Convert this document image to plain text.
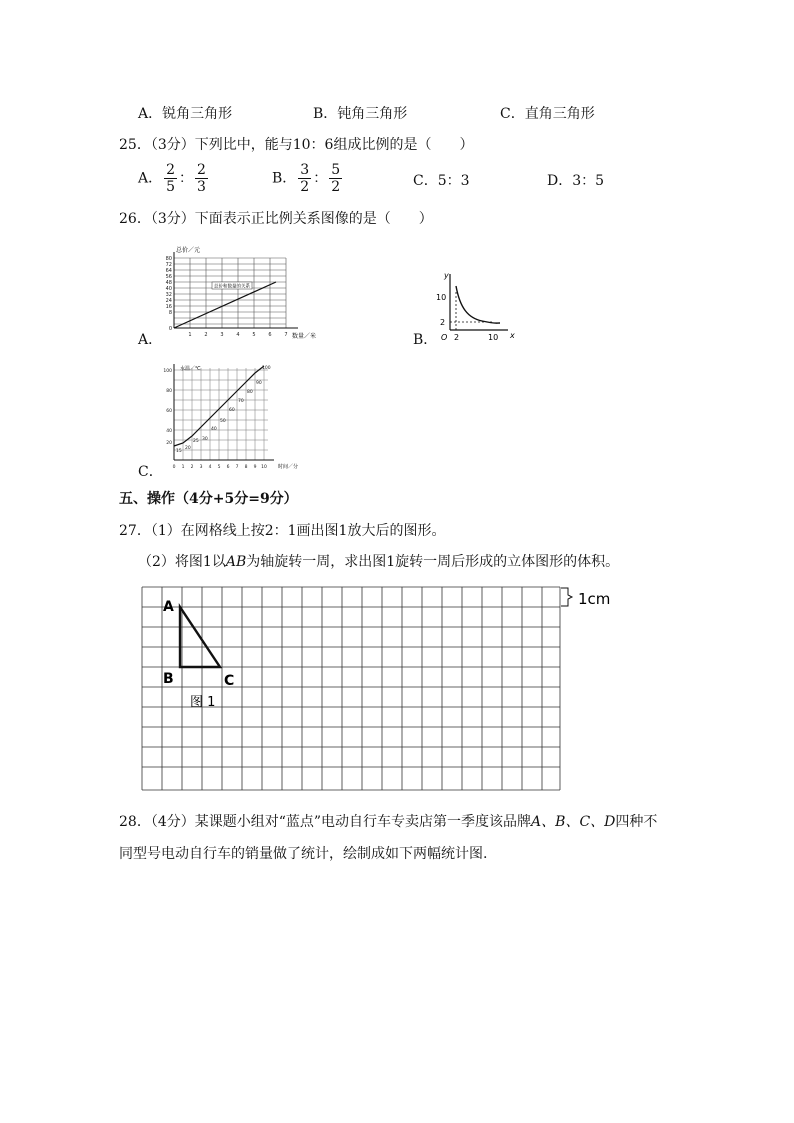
A．锐角三角形	B．钝角三角形	C．直角三角形
25．（3分）下列比中，能与10：6组成比例的是（　　）
A． $\frac{2}{5}$ ： $\frac{2}{3}$	B． $\frac{3}{2}$ ： $\frac{5}{2}$	C．5：3	D．3：5
26．（3分）下面表示正比例关系图像的是（　　）
A．	B．
C．
总价和数量的关系
总价／元
数量／米
80
72
64
56
48
40
32
24
16
8
0
1	2	3	4	5	6	7
y
x
O
10
2
2	10
水温／℃
时间／分
100
80
60
40
20
0 1 2 3 4 5 6 7 8 9 10
15
20
25 30
40
50
60
70
80
90
100
五、操作（4分+5分=9分）
27．（1）在网格线上按2：1画出图1放大后的图形。
（2）将图1以AB为轴旋转一周，求出图1旋转一周后形成的立体图形的体积。
A
B	C
图 1
1cm
28．（4分）某课题小组对“蓝点”电动自行车专卖店第一季度该品牌A、B、C、D四种不
同型号电动自行车的销量做了统计，绘制成如下两幅统计图.
